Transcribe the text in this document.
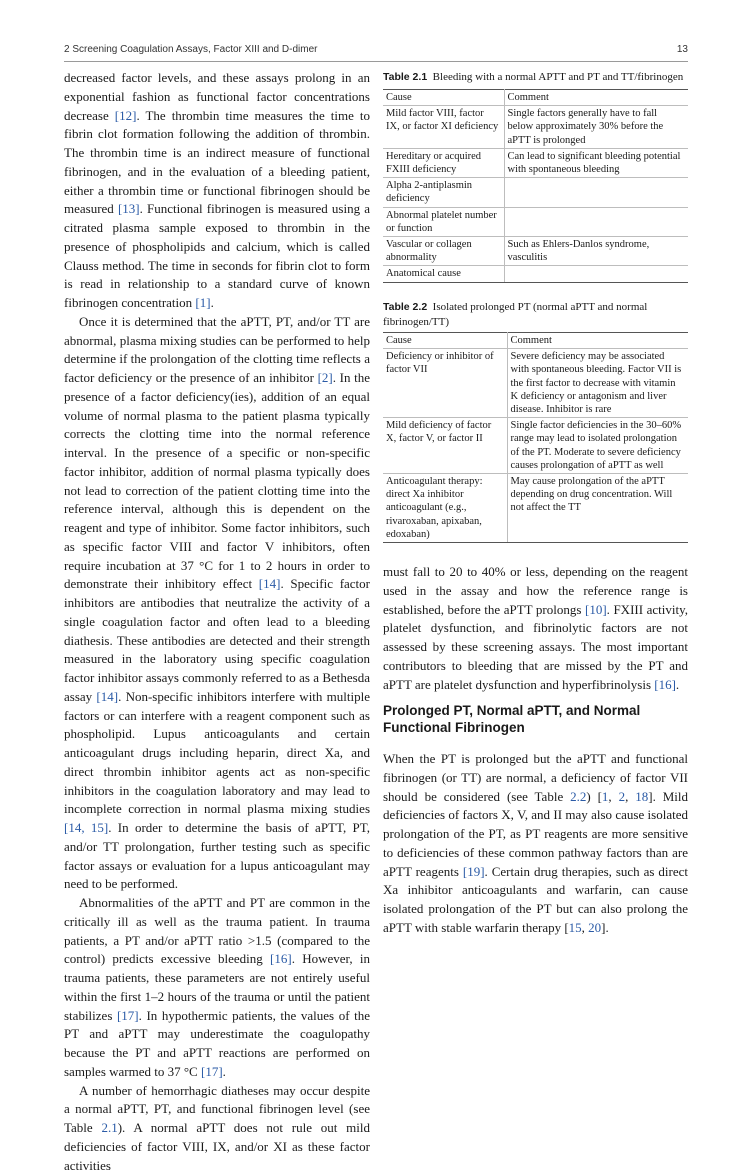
2 Screening Coagulation Assays, Factor XIII and D-dimer	13

decreased factor levels, and these assays prolong in an exponential fashion as functional factor concentrations decrease [12]. The thrombin time measures the time to fibrin clot formation following the addition of thrombin. The thrombin time is an indirect measure of functional fibrinogen, and in the evaluation of a bleeding patient, either a thrombin time or functional fibrinogen should be measured [13]. Functional fibrinogen is measured using a citrated plasma sample exposed to thrombin in the presence of phospholipids and calcium, which is called Clauss method. The time in seconds for fibrin clot to form is read in relationship to a standard curve of known fibrinogen concentration [1].

Once it is determined that the aPTT, PT, and/or TT are abnormal, plasma mixing studies can be performed to help determine if the prolongation of the clotting time reflects a factor deficiency or the presence of an inhibitor [2]. In the presence of a factor deficiency(ies), addition of an equal volume of normal plasma to the patient plasma typically corrects the clotting time into the normal reference interval. In the presence of a specific or non-specific factor inhibitor, addition of normal plasma typically does not lead to correction of the patient clotting time into the reference interval, although this is dependent on the reagent and type of inhibitor. Some factor inhibitors, such as specific factor VIII and factor V inhibitors, often require incubation at 37 °C for 1 to 2 hours in order to demonstrate their inhibitory effect [14]. Specific factor inhibitors are antibodies that neutralize the activity of a single coagulation factor and often lead to a bleeding diathesis. These antibodies are detected and their strength measured in the laboratory using specific coagulation factor inhibitor assays commonly referred to as a Bethesda assay [14]. Non-specific inhibitors interfere with multiple factors or can interfere with a reagent component such as phospholipid. Lupus anticoagulants and certain anticoagulant drugs including heparin, direct Xa, and direct thrombin inhibitor agents act as non-specific inhibitors in the coagulation laboratory and may lead to incomplete correction in normal plasma mixing studies [14, 15]. In order to determine the basis of aPTT, PT, and/or TT prolongation, further testing such as specific factor assays or evaluation for a lupus anticoagulant may need to be performed.

Abnormalities of the aPTT and PT are common in the critically ill as well as the trauma patient. In trauma patients, a PT and/or aPTT ratio >1.5 (compared to the control) predicts excessive bleeding [16]. However, in trauma patients, these parameters are not entirely useful within the first 1–2 hours of the trauma or until the patient stabilizes [17]. In hypothermic patients, the values of the PT and aPTT may underestimate the coagulopathy because the PT and aPTT reactions are performed on samples warmed to 37 °C [17].

A number of hemorrhagic diatheses may occur despite a normal aPTT, PT, and functional fibrinogen level (see Table 2.1). A normal aPTT does not rule out mild deficiencies of factor VIII, IX, and/or XI as these factor activities

Table 2.1 Bleeding with a normal APTT and PT and TT/fibrinogen
Cause	Comment
Mild factor VIII, factor IX, or factor XI deficiency	Single factors generally have to fall below approximately 30% before the aPTT is prolonged
Hereditary or acquired FXIII deficiency	Can lead to significant bleeding potential with spontaneous bleeding
Alpha 2-antiplasmin deficiency	
Abnormal platelet number or function	
Vascular or collagen abnormality	Such as Ehlers-Danlos syndrome, vasculitis
Anatomical cause	
Table 2.2 Isolated prolonged PT (normal aPTT and normal fibrinogen/TT)
Cause	Comment
Deficiency or inhibitor of factor VII	Severe deficiency may be associated with spontaneous bleeding. Factor VII is the first factor to decrease with vitamin K deficiency or antagonism and liver disease. Inhibitor is rare
Mild deficiency of factor X, factor V, or factor II	Single factor deficiencies in the 30–60% range may lead to isolated prolongation of the PT. Moderate to severe deficiency causes prolongation of aPTT as well
Anticoagulant therapy: direct Xa inhibitor anticoagulant (e.g., rivaroxaban, apixaban, edoxaban)	May cause prolongation of the aPTT depending on drug concentration. Will not affect the TT

must fall to 20 to 40% or less, depending on the reagent used in the assay and how the reference range is established, before the aPTT prolongs [10]. FXIII activity, platelet dysfunction, and fibrinolytic factors are not assessed by these screening assays. The most important contributors to bleeding that are missed by the PT and aPTT are platelet dysfunction and hyperfibrinolysis [16].

Prolonged PT, Normal aPTT, and Normal Functional Fibrinogen

When the PT is prolonged but the aPTT and functional fibrinogen (or TT) are normal, a deficiency of factor VII should be considered (see Table 2.2) [1, 2, 18]. Mild deficiencies of factors X, V, and II may also cause isolated prolongation of the PT, as PT reagents are more sensitive to deficiencies of these common pathway factors than are aPTT reagents [19]. Certain drug therapies, such as direct Xa inhibitor anticoagulants and warfarin, can cause isolated prolongation of the PT but can also prolong the aPTT with stable warfarin therapy [15, 20].
